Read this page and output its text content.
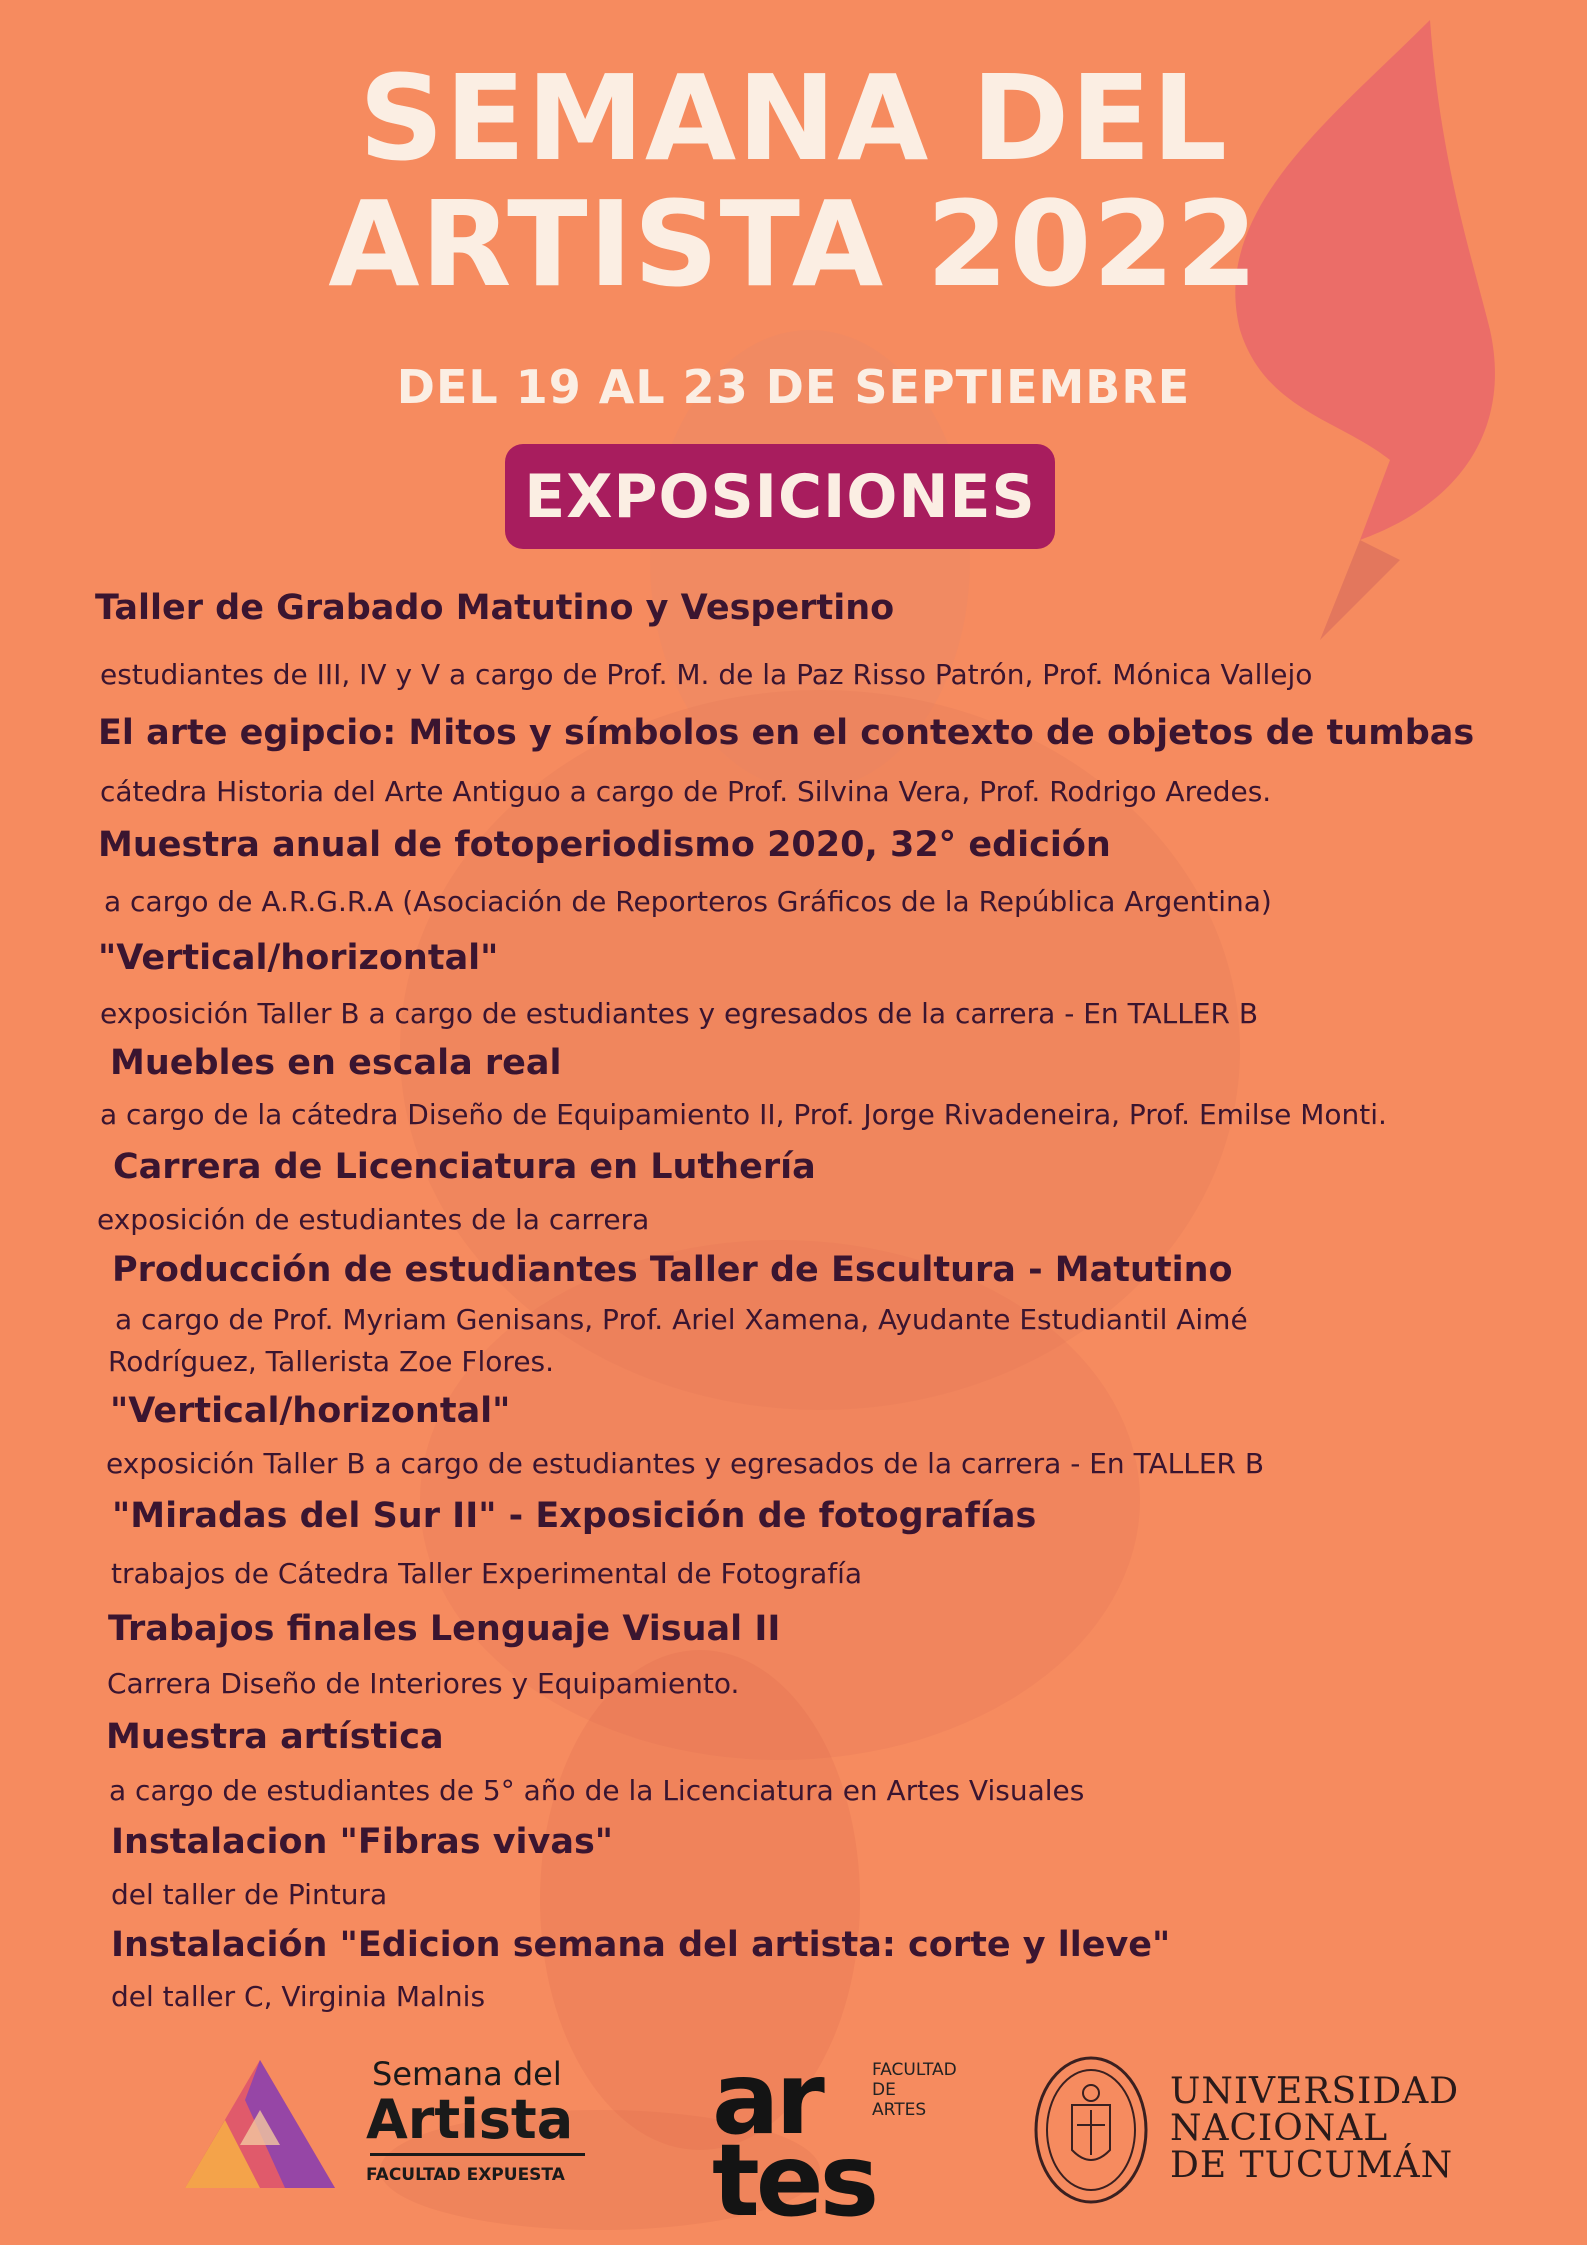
SEMANA DEL
ARTISTA 2022
DEL 19 AL 23 DE SEPTIEMBRE
EXPOSICIONES
Taller de Grabado Matutino y Vespertino
estudiantes de III, IV y V a cargo de Prof. M. de la Paz Risso Patrón, Prof. Mónica Vallejo
El arte egipcio: Mitos y símbolos en el contexto de objetos de tumbas
cátedra Historia del Arte Antiguo a cargo de Prof. Silvina Vera, Prof. Rodrigo Aredes.
Muestra anual de fotoperiodismo 2020, 32° edición
a cargo de A.R.G.R.A (Asociación de Reporteros Gráficos de la República Argentina)
"Vertical/horizontal"
exposición Taller B a cargo de estudiantes y egresados de la carrera - En TALLER B
Muebles en escala real
a cargo de la cátedra Diseño de Equipamiento II, Prof. Jorge Rivadeneira, Prof. Emilse Monti.
Carrera de Licenciatura en Luthería
exposición de estudiantes de la carrera
Producción de estudiantes Taller de Escultura - Matutino
a cargo de Prof. Myriam Genisans, Prof. Ariel Xamena, Ayudante Estudiantil Aimé
Rodríguez, Tallerista Zoe Flores.
"Vertical/horizontal"
exposición Taller B a cargo de estudiantes y egresados de la carrera - En TALLER B
"Miradas del Sur II" - Exposición de fotografías
trabajos de Cátedra Taller Experimental de Fotografía
Trabajos finales Lenguaje Visual II
Carrera Diseño de Interiores y Equipamiento.
Muestra artística
a cargo de estudiantes de 5° año de la Licenciatura en Artes Visuales
Instalacion "Fibras vivas"
del taller de Pintura
Instalación "Edicion semana del artista: corte y lleve"
del taller C, Virginia Malnis
Semana del
Artista
FACULTAD EXPUESTA
ar
tes
FACULTAD
DE
ARTES	UNIVERSIDAD
NACIONAL
DE TUCUMÁN
